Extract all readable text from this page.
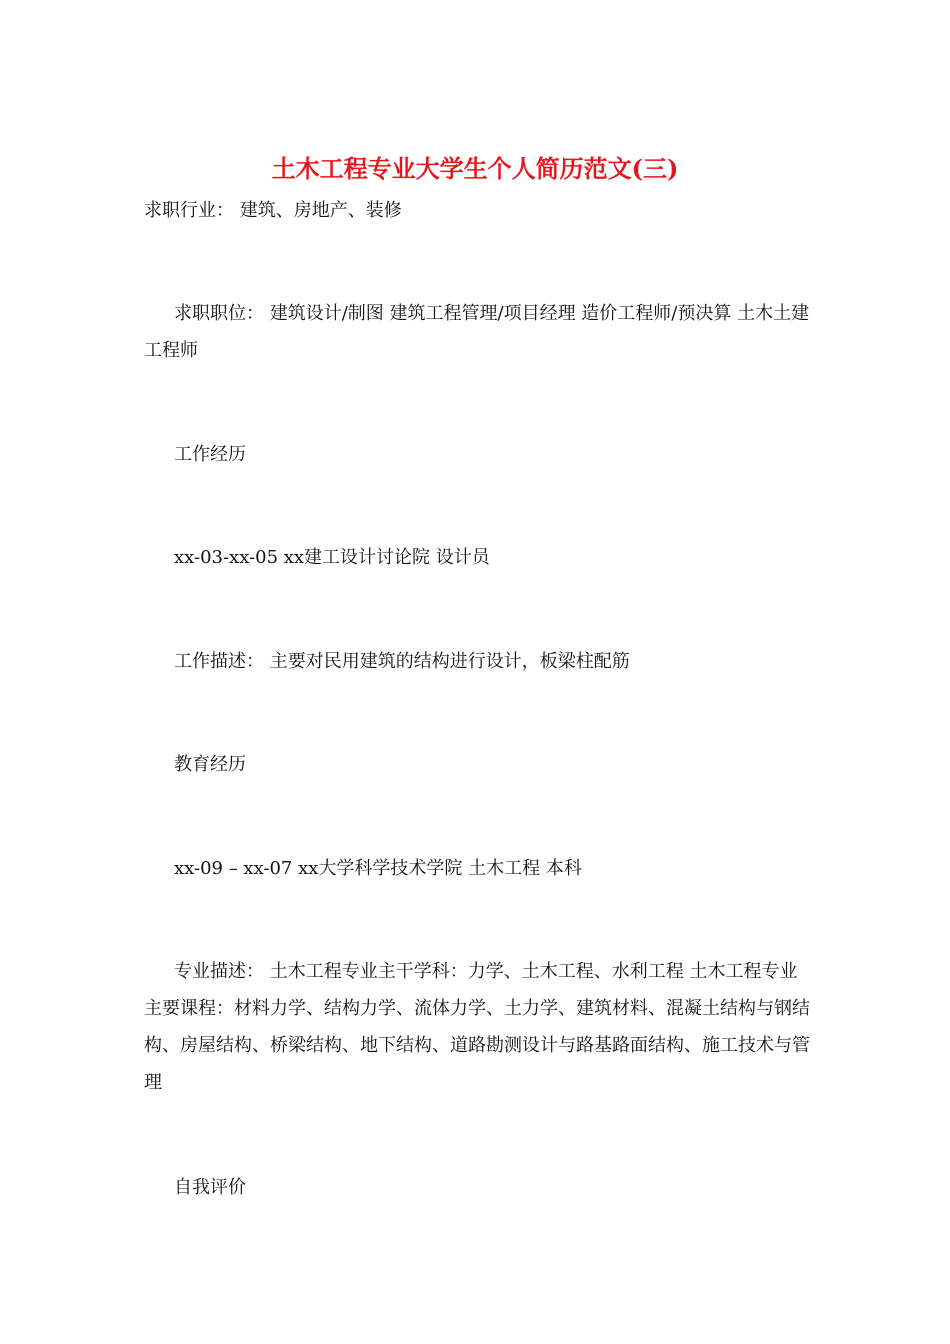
土木工程专业大学生个人简历范文(三)
求职行业： 建筑、房地产、装修
求职职位： 建筑设计/制图 建筑工程管理/项目经理 造价工程师/预决算 土木土建工程师
工作经历
xx-03-xx-05 xx建工设计讨论院 设计员
工作描述： 主要对民用建筑的结构进行设计，板梁柱配筋
教育经历
xx-09 – xx-07 xx大学科学技术学院 土木工程 本科
专业描述： 土木工程专业主干学科：力学、土木工程、水利工程 土木工程专业主要课程：材料力学、结构力学、流体力学、土力学、建筑材料、混凝土结构与钢结构、房屋结构、桥梁结构、地下结构、道路勘测设计与路基路面结构、施工技术与管理
自我评价
